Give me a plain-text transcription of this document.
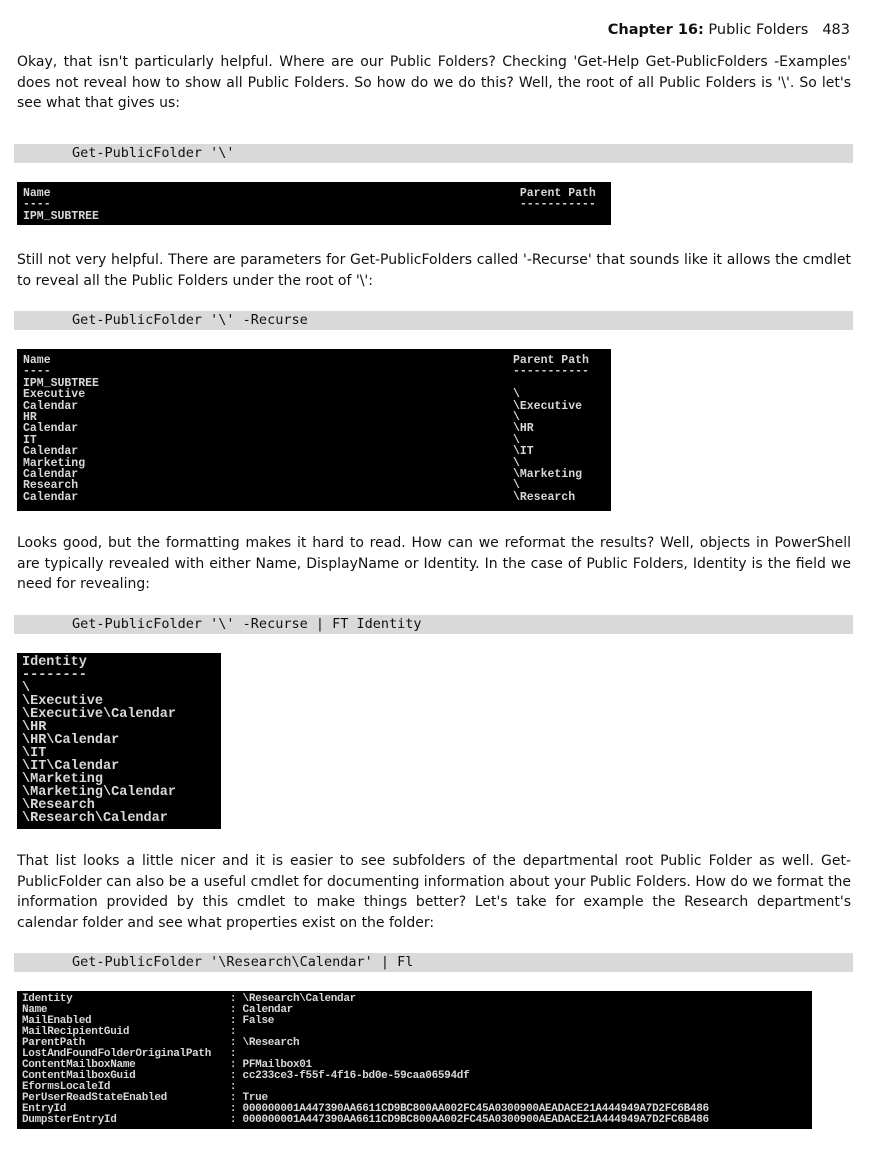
Chapter 16: Public Folders 483

Okay, that isn't particularly helpful. Where are our Public Folders? Checking 'Get-Help Get-PublicFolders -Examples' does not reveal how to show all Public Folders. So how do we do this? Well, the root of all Public Folders is '\'. So let's see what that gives us:

Get-PublicFolder '\'
Name                                                                    Parent Path
----                                                                    -----------
IPM_SUBTREE

Still not very helpful. There are parameters for Get-PublicFolders called '-Recurse' that sounds like it allows the cmdlet to reveal all the Public Folders under the root of '\':

Get-PublicFolder '\' -Recurse
Name                                                                   Parent Path
----                                                                   -----------
IPM_SUBTREE
Executive                                                              \
Calendar                                                               \Executive
HR                                                                     \
Calendar                                                               \HR
IT                                                                     \
Calendar                                                               \IT
Marketing                                                              \
Calendar                                                               \Marketing
Research                                                               \
Calendar                                                               \Research

Looks good, but the formatting makes it hard to read. How can we reformat the results? Well, objects in PowerShell are typically revealed with either Name, DisplayName or Identity. In the case of Public Folders, Identity is the field we need for revealing:

Get-PublicFolder '\' -Recurse | FT Identity
Identity
--------
\
\Executive
\Executive\Calendar
\HR
\HR\Calendar
\IT
\IT\Calendar
\Marketing
\Marketing\Calendar
\Research
\Research\Calendar

That list looks a little nicer and it is easier to see subfolders of the departmental root Public Folder as well. Get- PublicFolder can also be a useful cmdlet for documenting information about your Public Folders. How do we format the information provided by this cmdlet to make things better? Let's take for example the Research department's calendar folder and see what properties exist on the folder:

Get-PublicFolder '\Research\Calendar' | Fl
Identity                         : \Research\Calendar
Name                             : Calendar
MailEnabled                      : False
MailRecipientGuid                :
ParentPath                       : \Research
LostAndFoundFolderOriginalPath   :
ContentMailboxName               : PFMailbox01
ContentMailboxGuid               : cc233ce3-f55f-4f16-bd0e-59caa06594df
EformsLocaleId                   :
PerUserReadStateEnabled          : True
EntryId                          : 000000001A447390AA6611CD9BC800AA002FC45A0300900AEADACE21A444949A7D2FC6B486
DumpsterEntryId                  : 000000001A447390AA6611CD9BC800AA002FC45A0300900AEADACE21A444949A7D2FC6B486
